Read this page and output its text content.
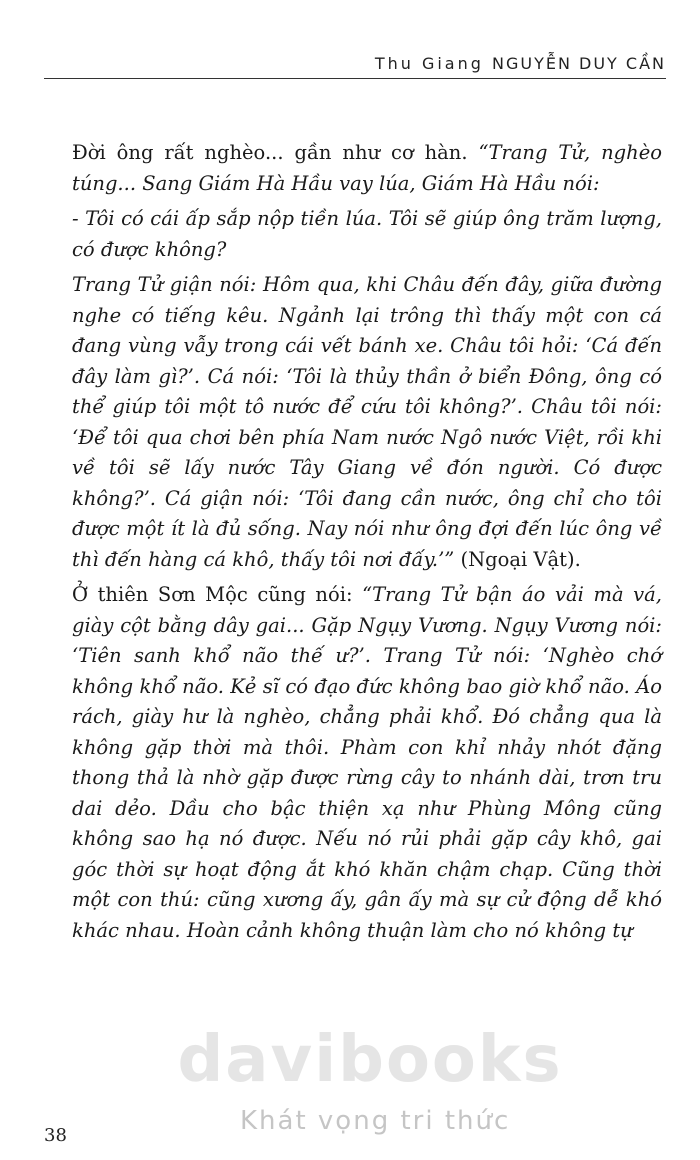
Thu Giang NGUYỄN DUY CẦN

Đời ông rất nghèo... gần như cơ hàn. “Trang Tử, nghèo túng... Sang Giám Hà Hầu vay lúa, Giám Hà Hầu nói:

- Tôi có cái ấp sắp nộp tiền lúa. Tôi sẽ giúp ông trăm lượng, có được không?

Trang Tử giận nói: Hôm qua, khi Châu đến đây, giữa đường nghe có tiếng kêu. Ngảnh lại trông thì thấy một con cá đang vùng vẫy trong cái vết bánh xe. Châu tôi hỏi: ‘Cá đến đây làm gì?’. Cá nói: ‘Tôi là thủy thần ở biển Đông, ông có thể giúp tôi một tô nước để cứu tôi không?’. Châu tôi nói: ‘Để tôi qua chơi bên phía Nam nước Ngô nước Việt, rồi khi về tôi sẽ lấy nước Tây Giang về đón người. Có được không?’. Cá giận nói: ‘Tôi đang cần nước, ông chỉ cho tôi được một ít là đủ sống. Nay nói như ông đợi đến lúc ông về thì đến hàng cá khô, thấy tôi nơi đấy.’” (Ngoại Vật).

Ở thiên Sơn Mộc cũng nói: “Trang Tử bận áo vải mà vá, giày cột bằng dây gai... Gặp Ngụy Vương. Ngụy Vương nói: ‘Tiên sanh khổ não thế ư?’. Trang Tử nói: ‘Nghèo chớ không khổ não. Kẻ sĩ có đạo đức không bao giờ khổ não. Áo rách, giày hư là nghèo, chẳng phải khổ. Đó chẳng qua là không gặp thời mà thôi. Phàm con khỉ nhảy nhót đặng thong thả là nhờ gặp được rừng cây to nhánh dài, trơn tru dai dẻo. Dầu cho bậc thiện xạ như Phùng Mông cũng không sao hạ nó được. Nếu nó rủi phải gặp cây khô, gai góc thời sự hoạt động ắt khó khăn chậm chạp. Cũng thời một con thú: cũng xương ấy, gân ấy mà sự cử động dễ khó khác nhau. Hoàn cảnh không thuận làm cho nó không tự

davibooks
Khát vọng tri thức
38
